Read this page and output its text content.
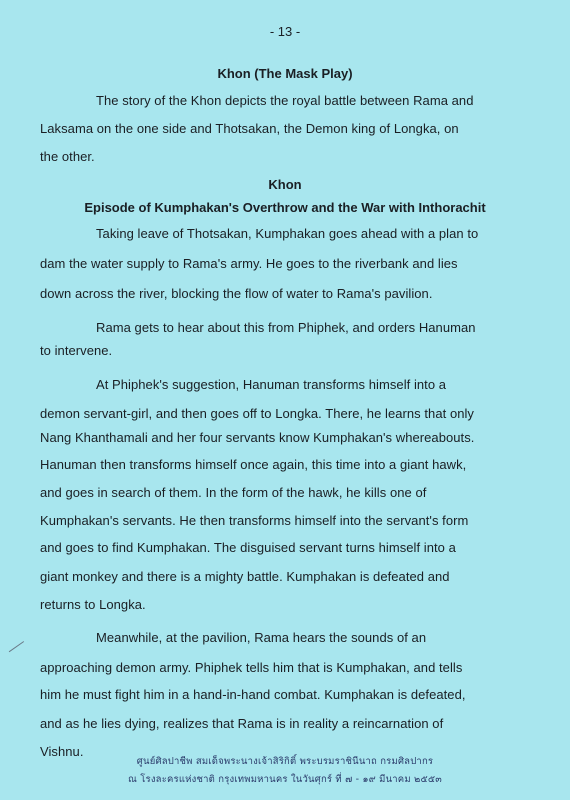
- 13 -
Khon (The Mask Play)
The story of the Khon depicts the royal battle between Rama and
Laksama on the one side and Thotsakan, the Demon king of Longka, on
the other.
Khon
Episode of Kumphakan's Overthrow and the War with Inthorachit
Taking leave of Thotsakan, Kumphakan goes ahead with a plan to
dam the water supply to Rama's army. He goes to the riverbank and lies
down across the river, blocking the flow of water to Rama's pavilion.
Rama gets to hear about this from Phiphek, and orders Hanuman
to intervene.
At Phiphek's suggestion, Hanuman transforms himself into a
demon servant-girl, and then goes off to Longka. There, he learns that only
Nang Khanthamali and her four servants know Kumphakan's whereabouts.
Hanuman then transforms himself once again, this time into a giant hawk,
and goes in search of them. In the form of the hawk, he kills one of
Kumphakan's servants. He then transforms himself into the servant's form
and goes to find Kumphakan. The disguised servant turns himself into a
giant monkey and there is a mighty battle. Kumphakan is defeated and
returns to Longka.
Meanwhile, at the pavilion, Rama hears the sounds of an
approaching demon army. Phiphek tells him that is Kumphakan, and tells
him he must fight him in a hand-in-hand combat. Kumphakan is defeated,
and as he lies dying, realizes that Rama is in reality a reincarnation of
Vishnu.
ศูนย์ศิลปาชีพ สมเด็จพระนางเจ้าสิริกิติ์ พระบรมราชินีนาถ กรมศิลปากร
ณ โรงละครแห่งชาติ กรุงเทพมหานคร ในวันศุกร์ ที่ ๗ - ๑๙ มีนาคม ๒๕๕๓
